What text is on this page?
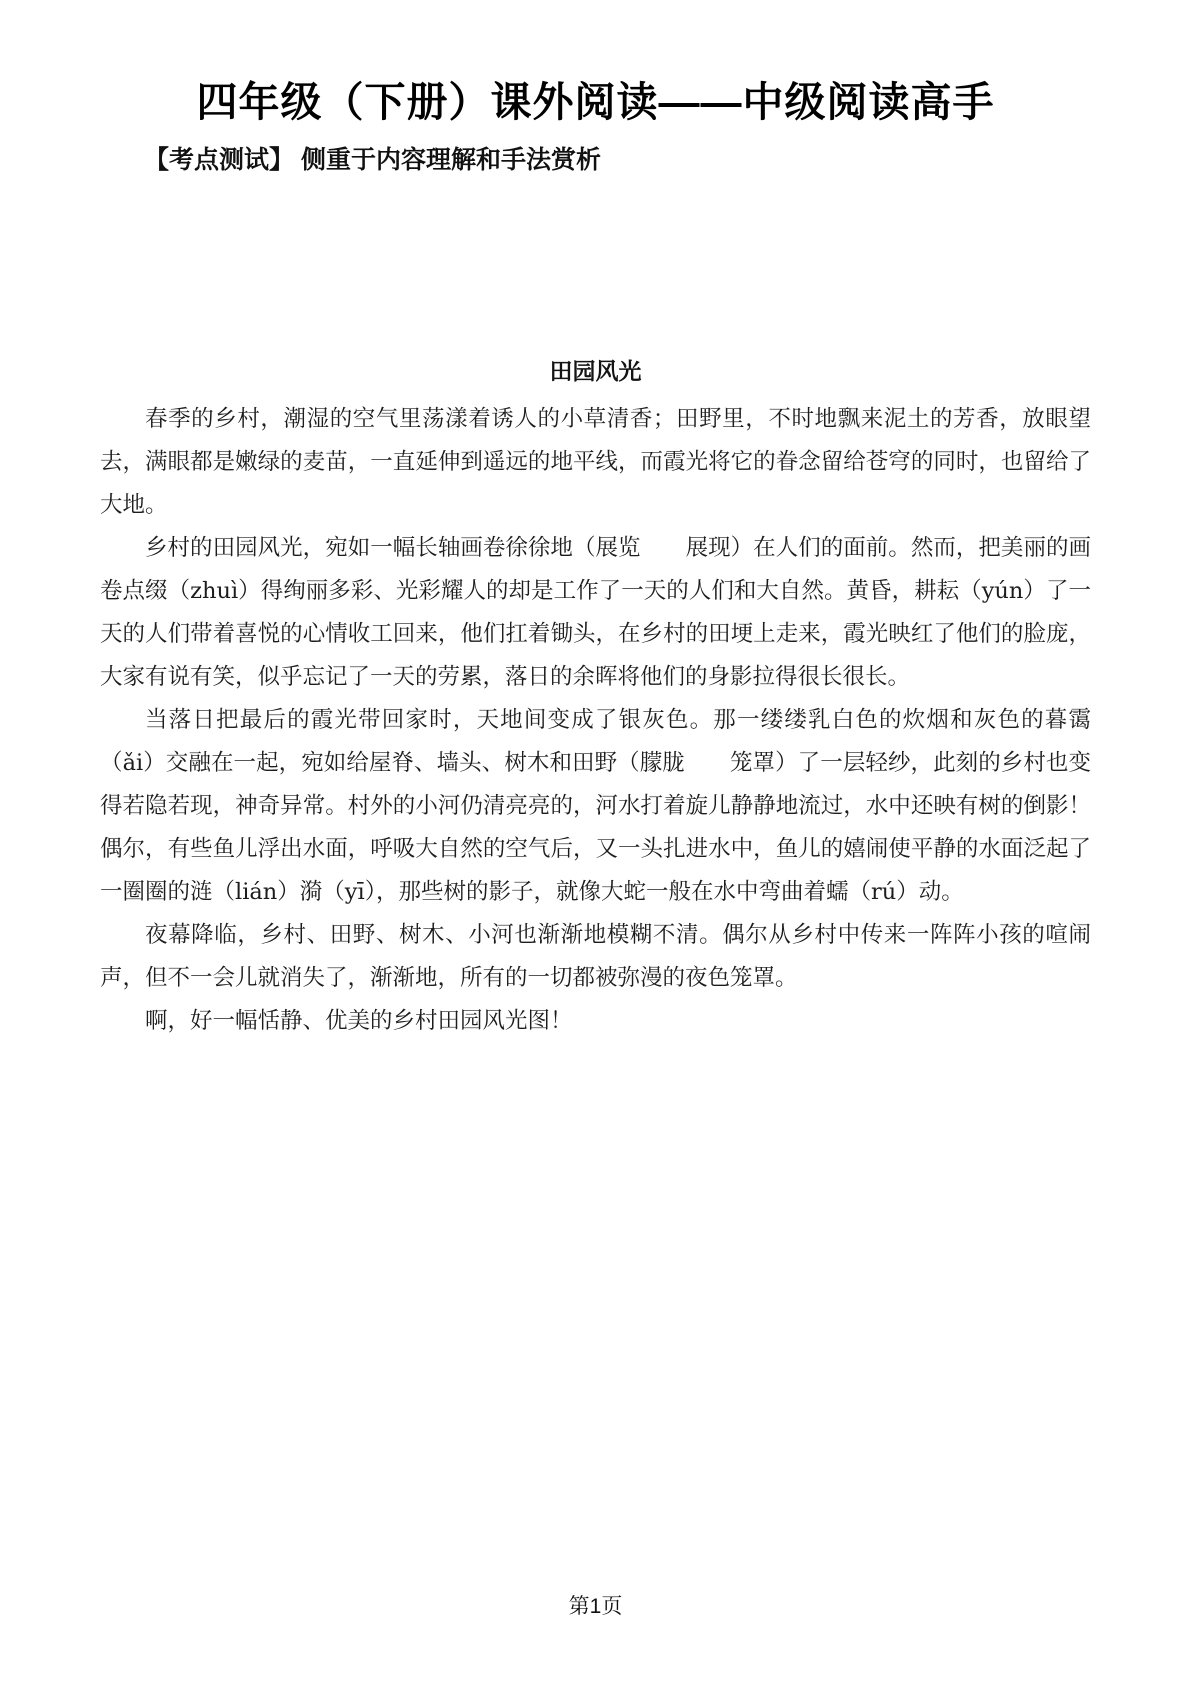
四年级（下册）课外阅读——中级阅读高手
【考点测试】 侧重于内容理解和手法赏析
田园风光

春季的乡村，潮湿的空气里荡漾着诱人的小草清香；田野里，不时地飘来泥土的芳香，放眼望去，满眼都是嫩绿的麦苗，一直延伸到遥远的地平线，而霞光将它的眷念留给苍穹的同时，也留给了大地。

乡村的田园风光，宛如一幅长轴画卷徐徐地（展览　　展现）在人们的面前。然而，把美丽的画卷点缀（zhuì）得绚丽多彩、光彩耀人的却是工作了一天的人们和大自然。黄昏，耕耘（yún）了一天的人们带着喜悦的心情收工回来，他们扛着锄头，在乡村的田埂上走来，霞光映红了他们的脸庞，大家有说有笑，似乎忘记了一天的劳累，落日的余晖将他们的身影拉得很长很长。

当落日把最后的霞光带回家时，天地间变成了银灰色。那一缕缕乳白色的炊烟和灰色的暮霭（ǎi）交融在一起，宛如给屋脊、墙头、树木和田野（朦胧　　笼罩）了一层轻纱，此刻的乡村也变得若隐若现，神奇异常。村外的小河仍清亮亮的，河水打着旋儿静静地流过，水中还映有树的倒影！偶尔，有些鱼儿浮出水面，呼吸大自然的空气后，又一头扎进水中，鱼儿的嬉闹使平静的水面泛起了一圈圈的涟（lián）漪（yī），那些树的影子，就像大蛇一般在水中弯曲着蠕（rú）动。

夜幕降临，乡村、田野、树木、小河也渐渐地模糊不清。偶尔从乡村中传来一阵阵小孩的喧闹声，但不一会儿就消失了，渐渐地，所有的一切都被弥漫的夜色笼罩。

啊，好一幅恬静、优美的乡村田园风光图！

第1页
